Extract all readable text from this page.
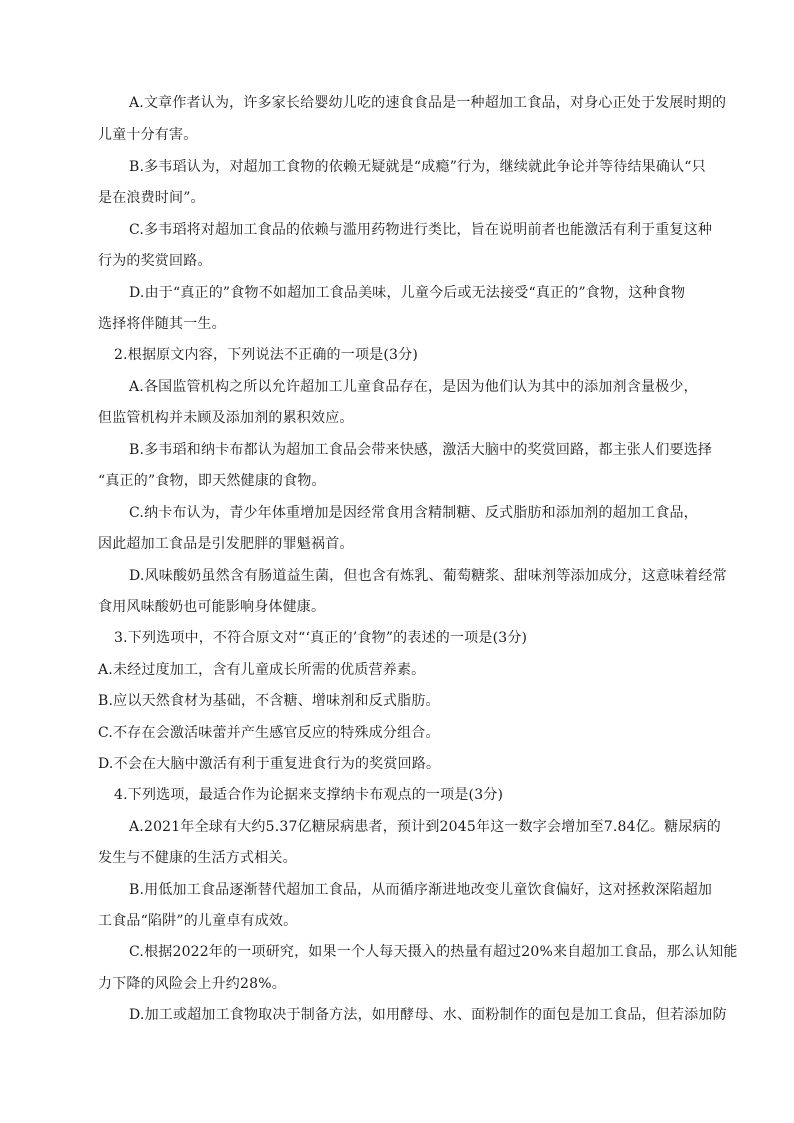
A.文章作者认为，许多家长给婴幼儿吃的速食食品是一种超加工食品，对身心正处于发展时期的
儿童十分有害。
B.多韦瑫认为，对超加工食物的依赖无疑就是“成瘾”行为，继续就此争论并等待结果确认“只
是在浪费时间”。
C.多韦瑫将对超加工食品的依赖与滥用药物进行类比，旨在说明前者也能激活有利于重复这种
行为的奖赏回路。
D.由于“真正的”食物不如超加工食品美味，儿童今后或无法接受“真正的”食物，这种食物
选择将伴随其一生。
2.根据原文内容，下列说法不正确的一项是(3分)
A.各国监管机构之所以允许超加工儿童食品存在，是因为他们认为其中的添加剂含量极少，
但监管机构并未顾及添加剂的累积效应。
B.多韦瑫和纳卡布都认为超加工食品会带来快感，激活大脑中的奖赏回路，都主张人们要选择
“真正的”食物，即天然健康的食物。
C.纳卡布认为，青少年体重增加是因经常食用含精制糖、反式脂肪和添加剂的超加工食品，
因此超加工食品是引发肥胖的罪魁祸首。
D.风味酸奶虽然含有肠道益生菌，但也含有炼乳、葡萄糖浆、甜味剂等添加成分，这意味着经常
食用风味酸奶也可能影响身体健康。
3.下列选项中，不符合原文对“‘真正的’食物”的表述的一项是(3分)
A.未经过度加工，含有儿童成长所需的优质营养素。
B.应以天然食材为基础，不含糖、增味剂和反式脂肪。
C.不存在会激活味蕾并产生感官反应的特殊成分组合。
D.不会在大脑中激活有利于重复进食行为的奖赏回路。
4.下列选项，最适合作为论据来支撑纳卡布观点的一项是(3分)
A.2021年全球有大约5.37亿糖尿病患者，预计到2045年这一数字会增加至7.84亿。糖尿病的
发生与不健康的生活方式相关。
B.用低加工食品逐渐替代超加工食品，从而循序渐进地改变儿童饮食偏好，这对拯救深陷超加
工食品“陷阱”的儿童卓有成效。
C.根据2022年的一项研究，如果一个人每天摄入的热量有超过20%来自超加工食品，那么认知能
力下降的风险会上升约28%。
D.加工或超加工食物取决于制备方法，如用酵母、水、面粉制作的面包是加工食品，但若添加防
